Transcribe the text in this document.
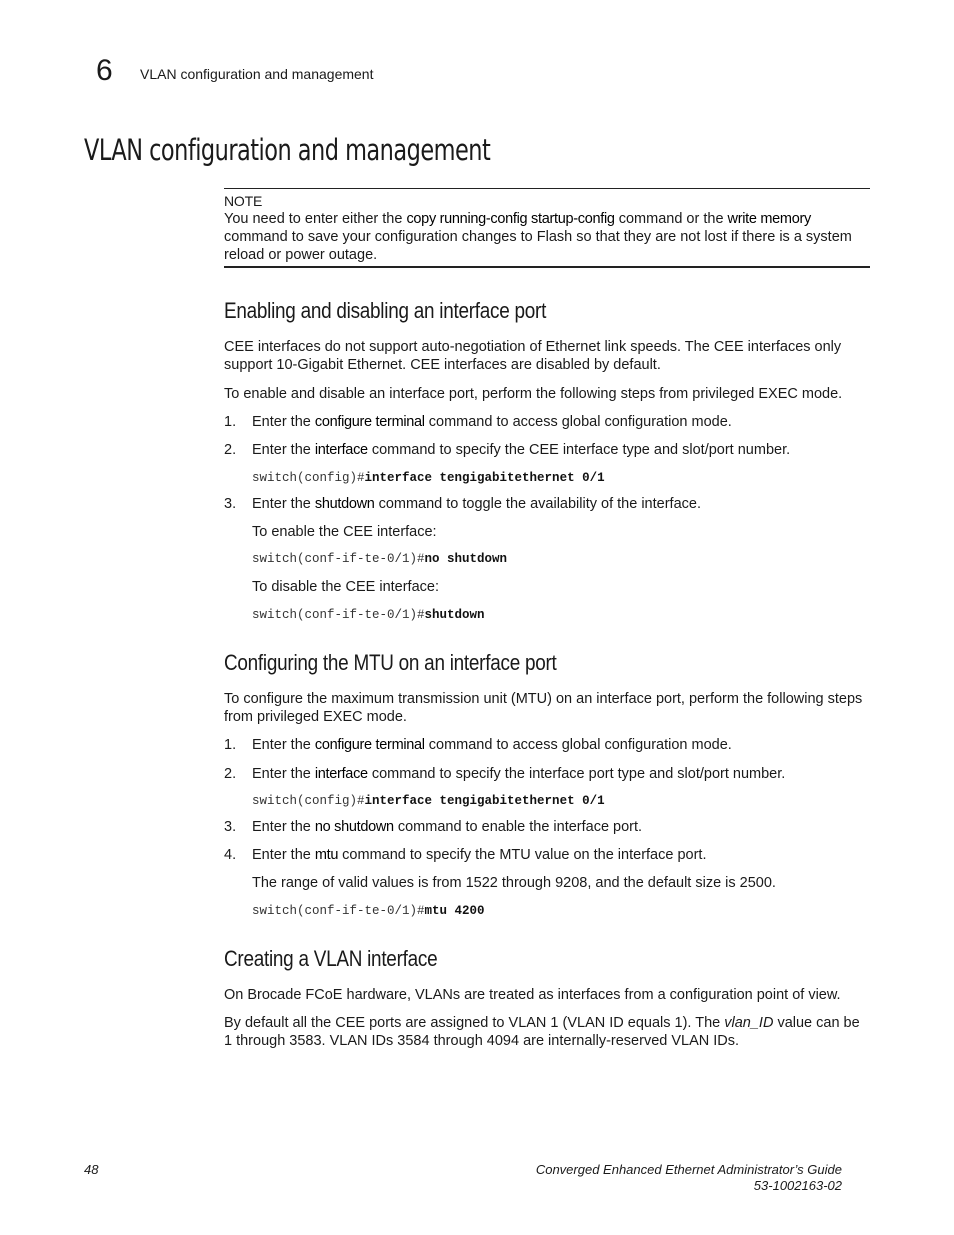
6 VLAN configuration and management
VLAN configuration and management
NOTE
You need to enter either the copy running-config startup-config command or the write memory command to save your configuration changes to Flash so that they are not lost if there is a system reload or power outage.
Enabling and disabling an interface port
CEE interfaces do not support auto-negotiation of Ethernet link speeds. The CEE interfaces only support 10-Gigabit Ethernet. CEE interfaces are disabled by default.
To enable and disable an interface port, perform the following steps from privileged EXEC mode.
1. Enter the configure terminal command to access global configuration mode.
2. Enter the interface command to specify the CEE interface type and slot/port number.
switch(config)#interface tengigabitethernet 0/1
3. Enter the shutdown command to toggle the availability of the interface.
To enable the CEE interface:
switch(conf-if-te-0/1)#no shutdown
To disable the CEE interface:
switch(conf-if-te-0/1)#shutdown
Configuring the MTU on an interface port
To configure the maximum transmission unit (MTU) on an interface port, perform the following steps from privileged EXEC mode.
1. Enter the configure terminal command to access global configuration mode.
2. Enter the interface command to specify the interface port type and slot/port number.
switch(config)#interface tengigabitethernet 0/1
3. Enter the no shutdown command to enable the interface port.
4. Enter the mtu command to specify the MTU value on the interface port.
The range of valid values is from 1522 through 9208, and the default size is 2500.
switch(conf-if-te-0/1)#mtu 4200
Creating a VLAN interface
On Brocade FCoE hardware, VLANs are treated as interfaces from a configuration point of view.
By default all the CEE ports are assigned to VLAN 1 (VLAN ID equals 1). The vlan_ID value can be 1 through 3583. VLAN IDs 3584 through 4094 are internally-reserved VLAN IDs.
48	Converged Enhanced Ethernet Administrator’s Guide
53-1002163-02
